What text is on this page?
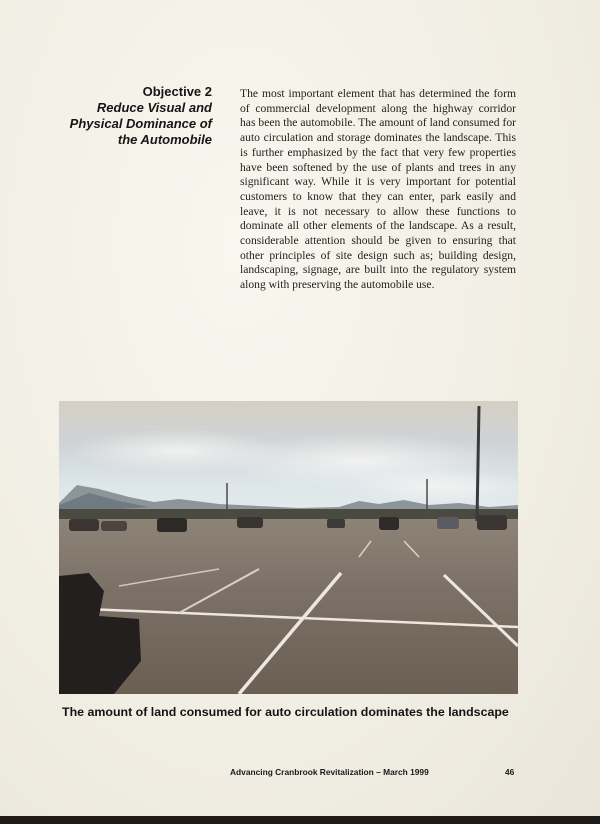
Objective 2
Reduce Visual and
Physical Dominance of
the Automobile

The most important element that has determined the form of commercial development along the highway corridor has been the automobile. The amount of land consumed for auto circulation and storage dominates the landscape. This is further emphasized by the fact that very few properties have been softened by the use of plants and trees in any significant way. While it is very important for potential customers to know that they can enter, park easily and leave, it is not necessary to allow these functions to dominate all other elements of the landscape. As a result, considerable attention should be given to ensuring that other principles of site design such as; building design, landscaping, signage, are built into the regulatory system along with preserving the automobile use.

The amount of land consumed for auto circulation dominates the landscape
Advancing Cranbrook Revitalization – March 1999	46
